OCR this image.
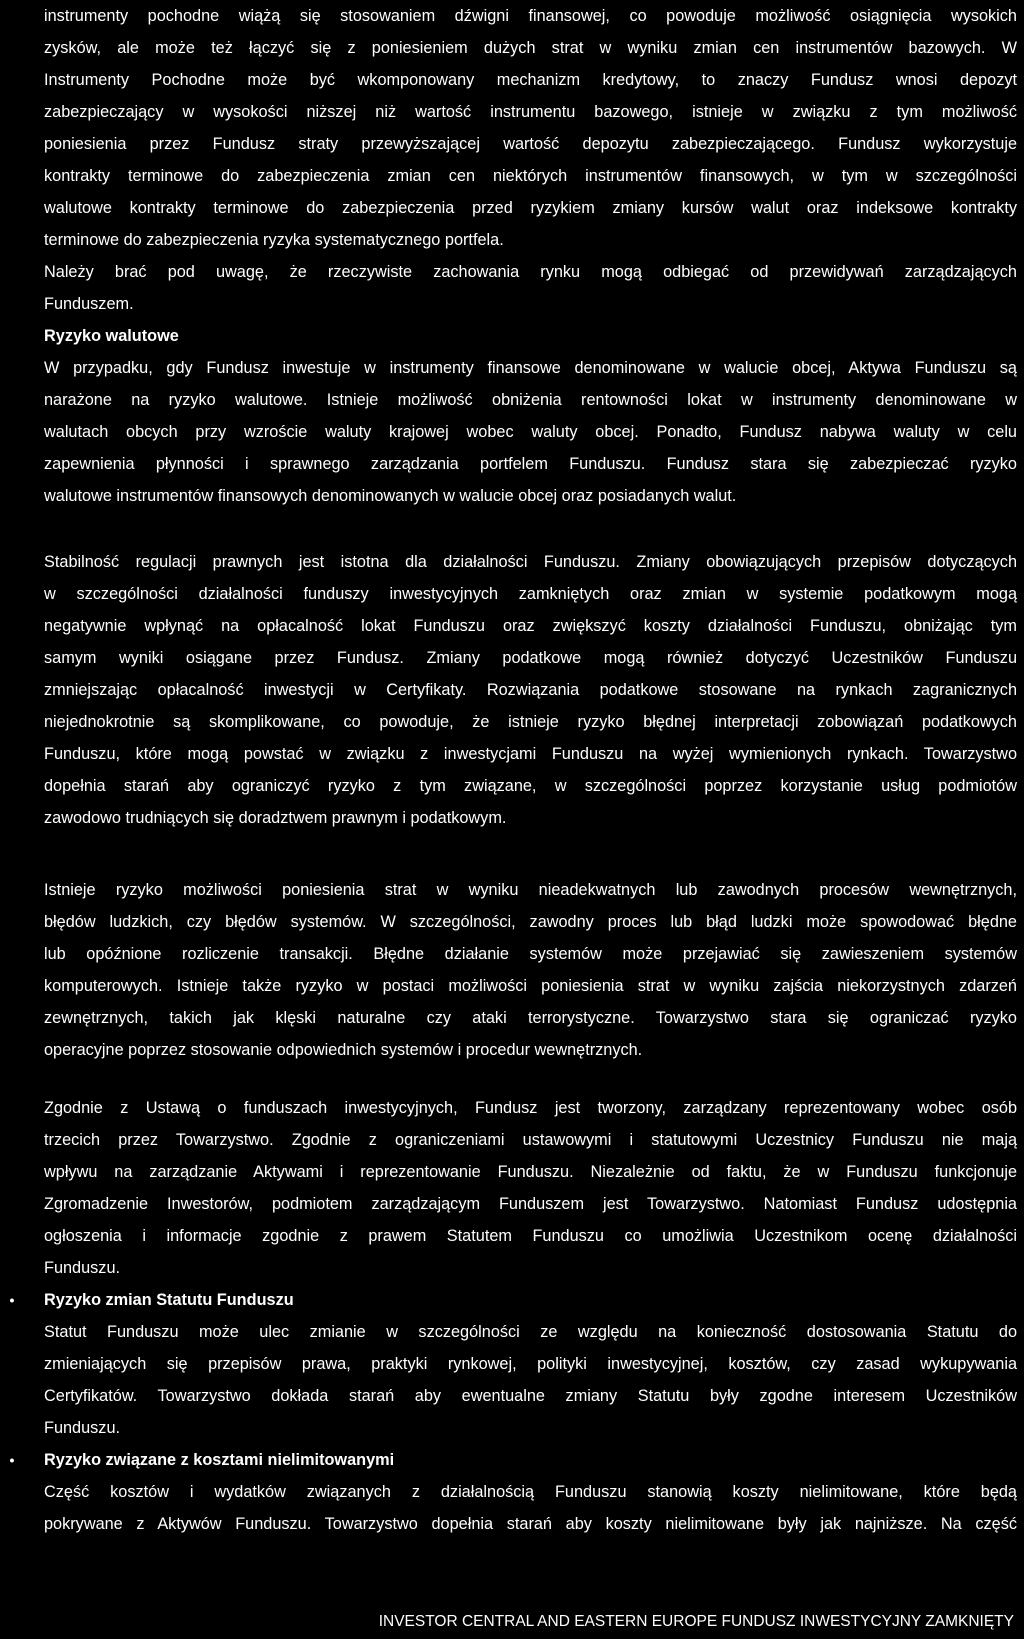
instrumenty pochodne wiążą się stosowaniem dźwigni finansowej, co powoduje możliwość osiągnięcia wysokich
zysków, ale może też łączyć się z poniesieniem dużych strat w wyniku zmian cen instrumentów bazowych. W
Instrumenty Pochodne może być wkomponowany mechanizm kredytowy, to znaczy Fundusz wnosi depozyt
zabezpieczający w wysokości niższej niż wartość instrumentu bazowego, istnieje w związku z tym możliwość
poniesienia przez Fundusz straty przewyższającej wartość depozytu zabezpieczającego. Fundusz wykorzystuje
kontrakty terminowe do zabezpieczenia zmian cen niektórych instrumentów finansowych, w tym w szczególności
walutowe kontrakty terminowe do zabezpieczenia przed ryzykiem zmiany kursów walut oraz indeksowe kontrakty
terminowe do zabezpieczenia ryzyka systematycznego portfela.
Należy brać pod uwagę, że rzeczywiste zachowania rynku mogą odbiegać od przewidywań zarządzających
Funduszem.
Ryzyko walutowe
W przypadku, gdy Fundusz inwestuje w instrumenty finansowe denominowane w walucie obcej, Aktywa Funduszu są
narażone na ryzyko walutowe. Istnieje możliwość obniżenia rentowności lokat w instrumenty denominowane w
walutach obcych przy wzroście waluty krajowej wobec waluty obcej. Ponadto, Fundusz nabywa waluty w celu
zapewnienia płynności i sprawnego zarządzania portfelem Funduszu. Fundusz stara się zabezpieczać ryzyko
walutowe instrumentów finansowych denominowanych w walucie obcej oraz posiadanych walut.
Stabilność regulacji prawnych jest istotna dla działalności Funduszu. Zmiany obowiązujących przepisów dotyczących
w szczególności działalności funduszy inwestycyjnych zamkniętych oraz zmian w systemie podatkowym mogą
negatywnie wpłynąć na opłacalność lokat Funduszu oraz zwiększyć koszty działalności Funduszu, obniżając tym
samym wyniki osiągane przez Fundusz. Zmiany podatkowe mogą również dotyczyć Uczestników Funduszu
zmniejszając opłacalność inwestycji w Certyfikaty. Rozwiązania podatkowe stosowane na rynkach zagranicznych
niejednokrotnie są skomplikowane, co powoduje, że istnieje ryzyko błędnej interpretacji zobowiązań podatkowych
Funduszu, które mogą powstać w związku z inwestycjami Funduszu na wyżej wymienionych rynkach. Towarzystwo
dopełnia starań aby ograniczyć ryzyko z tym związane, w szczególności poprzez korzystanie usług podmiotów
zawodowo trudniących się doradztwem prawnym i podatkowym.
Istnieje ryzyko możliwości poniesienia strat w wyniku nieadekwatnych lub zawodnych procesów wewnętrznych,
błędów ludzkich, czy błędów systemów. W szczególności, zawodny proces lub błąd ludzki może spowodować błędne
lub opóźnione rozliczenie transakcji. Błędne działanie systemów może przejawiać się zawieszeniem systemów
komputerowych. Istnieje także ryzyko w postaci możliwości poniesienia strat w wyniku zajścia niekorzystnych zdarzeń
zewnętrznych, takich jak klęski naturalne czy ataki terrorystyczne. Towarzystwo stara się ograniczać ryzyko
operacyjne poprzez stosowanie odpowiednich systemów i procedur wewnętrznych.
Zgodnie z Ustawą o funduszach inwestycyjnych, Fundusz jest tworzony, zarządzany reprezentowany wobec osób
trzecich przez Towarzystwo. Zgodnie z ograniczeniami ustawowymi i statutowymi Uczestnicy Funduszu nie mają
wpływu na zarządzanie Aktywami i reprezentowanie Funduszu. Niezależnie od faktu, że w Funduszu funkcjonuje
Zgromadzenie Inwestorów, podmiotem zarządzającym Funduszem jest Towarzystwo. Natomiast Fundusz udostępnia
ogłoszenia i informacje zgodnie z prawem Statutem Funduszu co umożliwia Uczestnikom ocenę działalności
Funduszu.
• Ryzyko zmian Statutu Funduszu
Statut Funduszu może ulec zmianie w szczególności ze względu na konieczność dostosowania Statutu do
zmieniających się przepisów prawa, praktyki rynkowej, polityki inwestycyjnej, kosztów, czy zasad wykupywania
Certyfikatów. Towarzystwo dokłada starań aby ewentualne zmiany Statutu były zgodne interesem Uczestników
Funduszu.
• Ryzyko związane z kosztami nielimitowanymi
Część kosztów i wydatków związanych z działalnością Funduszu stanowią koszty nielimitowane, które będą
pokrywane z Aktywów Funduszu. Towarzystwo dopełnia starań aby koszty nielimitowane były jak najniższe. Na część
INVESTOR CENTRAL AND EASTERN EUROPE FUNDUSZ INWESTYCYJNY ZAMKNIĘTY
